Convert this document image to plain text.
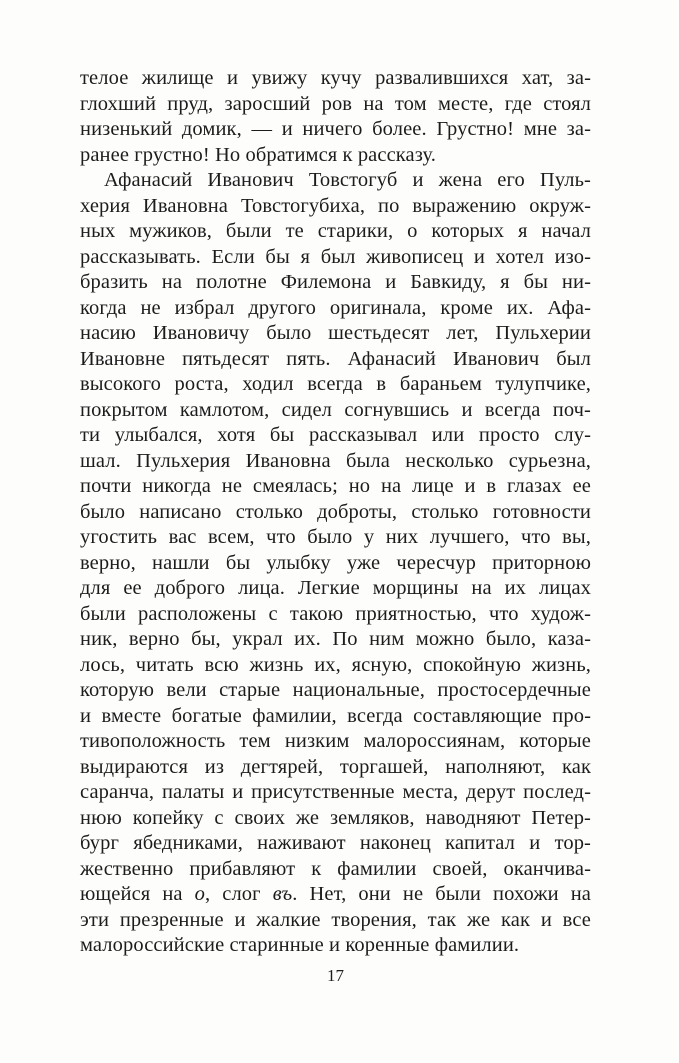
телое жилище и увижу кучу развалившихся хат, за-
глохший пруд, заросший ров на том месте, где стоял
низенький домик, — и ничего более. Грустно! мне за-
ранее грустно! Но обратимся к рассказу.
Афанасий Иванович Товстогуб и жена его Пуль-
херия Ивановна Товстогубиха, по выражению окруж-
ных мужиков, были те старики, о которых я начал
рассказывать. Если бы я был живописец и хотел изо-
бразить на полотне Филемона и Бавкиду, я бы ни-
когда не избрал другого оригинала, кроме их. Афа-
насию Ивановичу было шестьдесят лет, Пульхерии
Ивановне пятьдесят пять. Афанасий Иванович был
высокого роста, ходил всегда в бараньем тулупчике,
покрытом камлотом, сидел согнувшись и всегда поч-
ти улыбался, хотя бы рассказывал или просто слу-
шал. Пульхерия Ивановна была несколько сурьезна,
почти никогда не смеялась; но на лице и в глазах ее
было написано столько доброты, столько готовности
угостить вас всем, что было у них лучшего, что вы,
верно, нашли бы улыбку уже чересчур приторною
для ее доброго лица. Легкие морщины на их лицах
были расположены с такою приятностью, что худож-
ник, верно бы, украл их. По ним можно было, каза-
лось, читать всю жизнь их, ясную, спокойную жизнь,
которую вели старые национальные, простосердечные
и вместе богатые фамилии, всегда составляющие про-
тивоположность тем низким малороссиянам, которые
выдираются из дегтярей, торгашей, наполняют, как
саранча, палаты и присутственные места, дерут послед-
нюю копейку с своих же земляков, наводняют Петер-
бург ябедниками, наживают наконец капитал и тор-
жественно прибавляют к фамилии своей, оканчива-
ющейся на о, слог въ. Нет, они не были похожи на
эти презренные и жалкие творения, так же как и все
малороссийские старинные и коренные фамилии.
17
